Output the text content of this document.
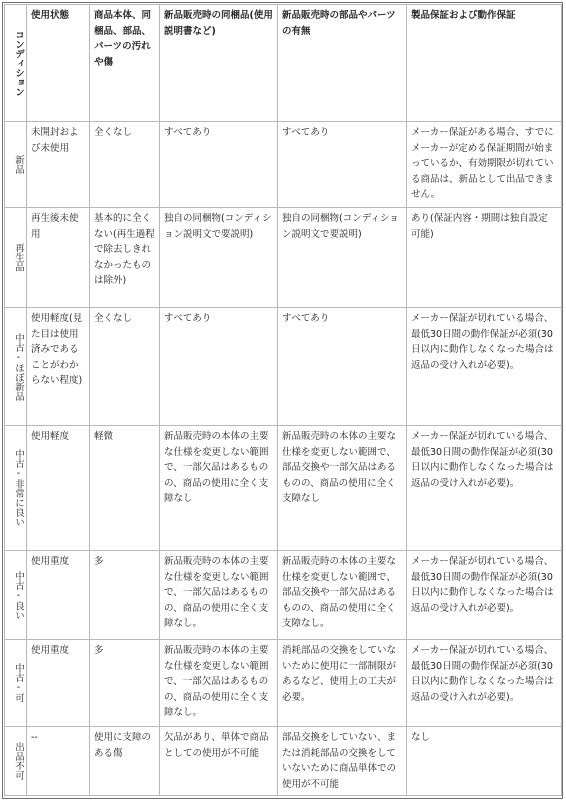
コンディション	使用状態	商品本体、同梱品、部品、パーツの汚れや傷	新品販売時の同梱品(使用説明書など)	新品販売時の部品やパーツの有無	製品保証および動作保証
新品	未開封および未使用	全くなし	すべてあり	すべてあり	メーカー保証がある場合、すでにメーカーが定める保証期間が始まっているか、有効期限が切れている商品は、新品として出品できません。
再生品	再生後未使用	基本的に全くない(再生過程で除去しきれなかったものは除外)	独自の同梱物(コンディション説明文で要説明)	独自の同梱物(コンディション説明文で要説明)	あり(保証内容・期間は独自設定可能)
中古-ほぼ新品	使用軽度(見た目は使用済みであることがわからない程度)	全くなし	すべてあり	すべてあり	メーカー保証が切れている場合、最低30日間の動作保証が必須(30日以内に動作しなくなった場合は返品の受け入れが必要)。
中古-非常に良い	使用軽度	軽微	新品販売時の本体の主要な仕様を変更しない範囲で、一部欠品はあるものの、商品の使用に全く支障なし	新品販売時の本体の主要な仕様を変更しない範囲で、部品交換や一部欠品はあるものの、商品の使用に全く支障なし	メーカー保証が切れている場合、最低30日間の動作保証が必須(30日以内に動作しなくなった場合は返品の受け入れが必要)。
中古-良い	使用重度	多	新品販売時の本体の主要な仕様を変更しない範囲で、一部欠品はあるものの、商品の使用に全く支障なし。	新品販売時の本体の主要な仕様を変更しない範囲で、部品交換や一部欠品はあるものの、商品の使用に全く支障なし。	メーカー保証が切れている場合、最低30日間の動作保証が必須(30日以内に動作しなくなった場合は返品の受け入れが必要)。
中古-可	使用重度	多	新品販売時の本体の主要な仕様を変更しない範囲で、一部欠品はあるものの、商品の使用に全く支障なし。	消耗部品の交換をしていないために使用に一部制限があるなど、使用上の工夫が必要。	メーカー保証が切れている場合、最低30日間の動作保証が必須(30日以内に動作しなくなった場合は返品の受け入れが必要)。
出品不可	--	使用に支障のある傷	欠品があり、単体で商品としての使用が不可能	部品交換をしていない、または消耗部品の交換をしていないために商品単体での使用が不可能	なし
